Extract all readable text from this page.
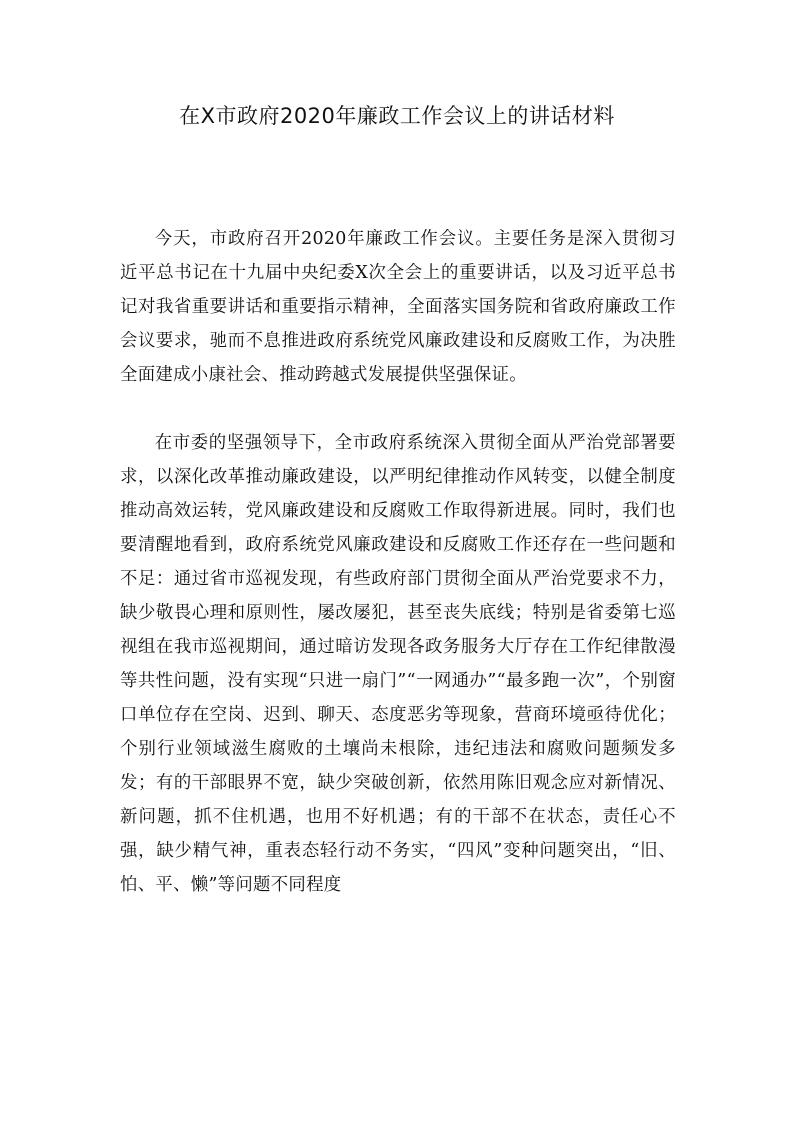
在X市政府2020年廉政工作会议上的讲话材料

今天，市政府召开2020年廉政工作会议。主要任务是深入贯彻习近平总书记在十九届中央纪委X次全会上的重要讲话，以及习近平总书记对我省重要讲话和重要指示精神，全面落实国务院和省政府廉政工作会议要求，驰而不息推进政府系统党风廉政建设和反腐败工作，为决胜全面建成小康社会、推动跨越式发展提供坚强保证。

在市委的坚强领导下，全市政府系统深入贯彻全面从严治党部署要求，以深化改革推动廉政建设，以严明纪律推动作风转变，以健全制度推动高效运转，党风廉政建设和反腐败工作取得新进展。同时，我们也要清醒地看到，政府系统党风廉政建设和反腐败工作还存在一些问题和不足：通过省市巡视发现，有些政府部门贯彻全面从严治党要求不力，缺少敬畏心理和原则性，屡改屡犯，甚至丧失底线；特别是省委第七巡视组在我市巡视期间，通过暗访发现各政务服务大厅存在工作纪律散漫等共性问题，没有实现“只进一扇门”“一网通办”“最多跑一次”，个别窗口单位存在空岗、迟到、聊天、态度恶劣等现象，营商环境亟待优化；个别行业领域滋生腐败的土壤尚未根除，违纪违法和腐败问题频发多发；有的干部眼界不宽，缺少突破创新，依然用陈旧观念应对新情况、新问题，抓不住机遇，也用不好机遇；有的干部不在状态，责任心不强，缺少精气神，重表态轻行动不务实，“四风”变种问题突出，“旧、怕、平、懒”等问题不同程度
